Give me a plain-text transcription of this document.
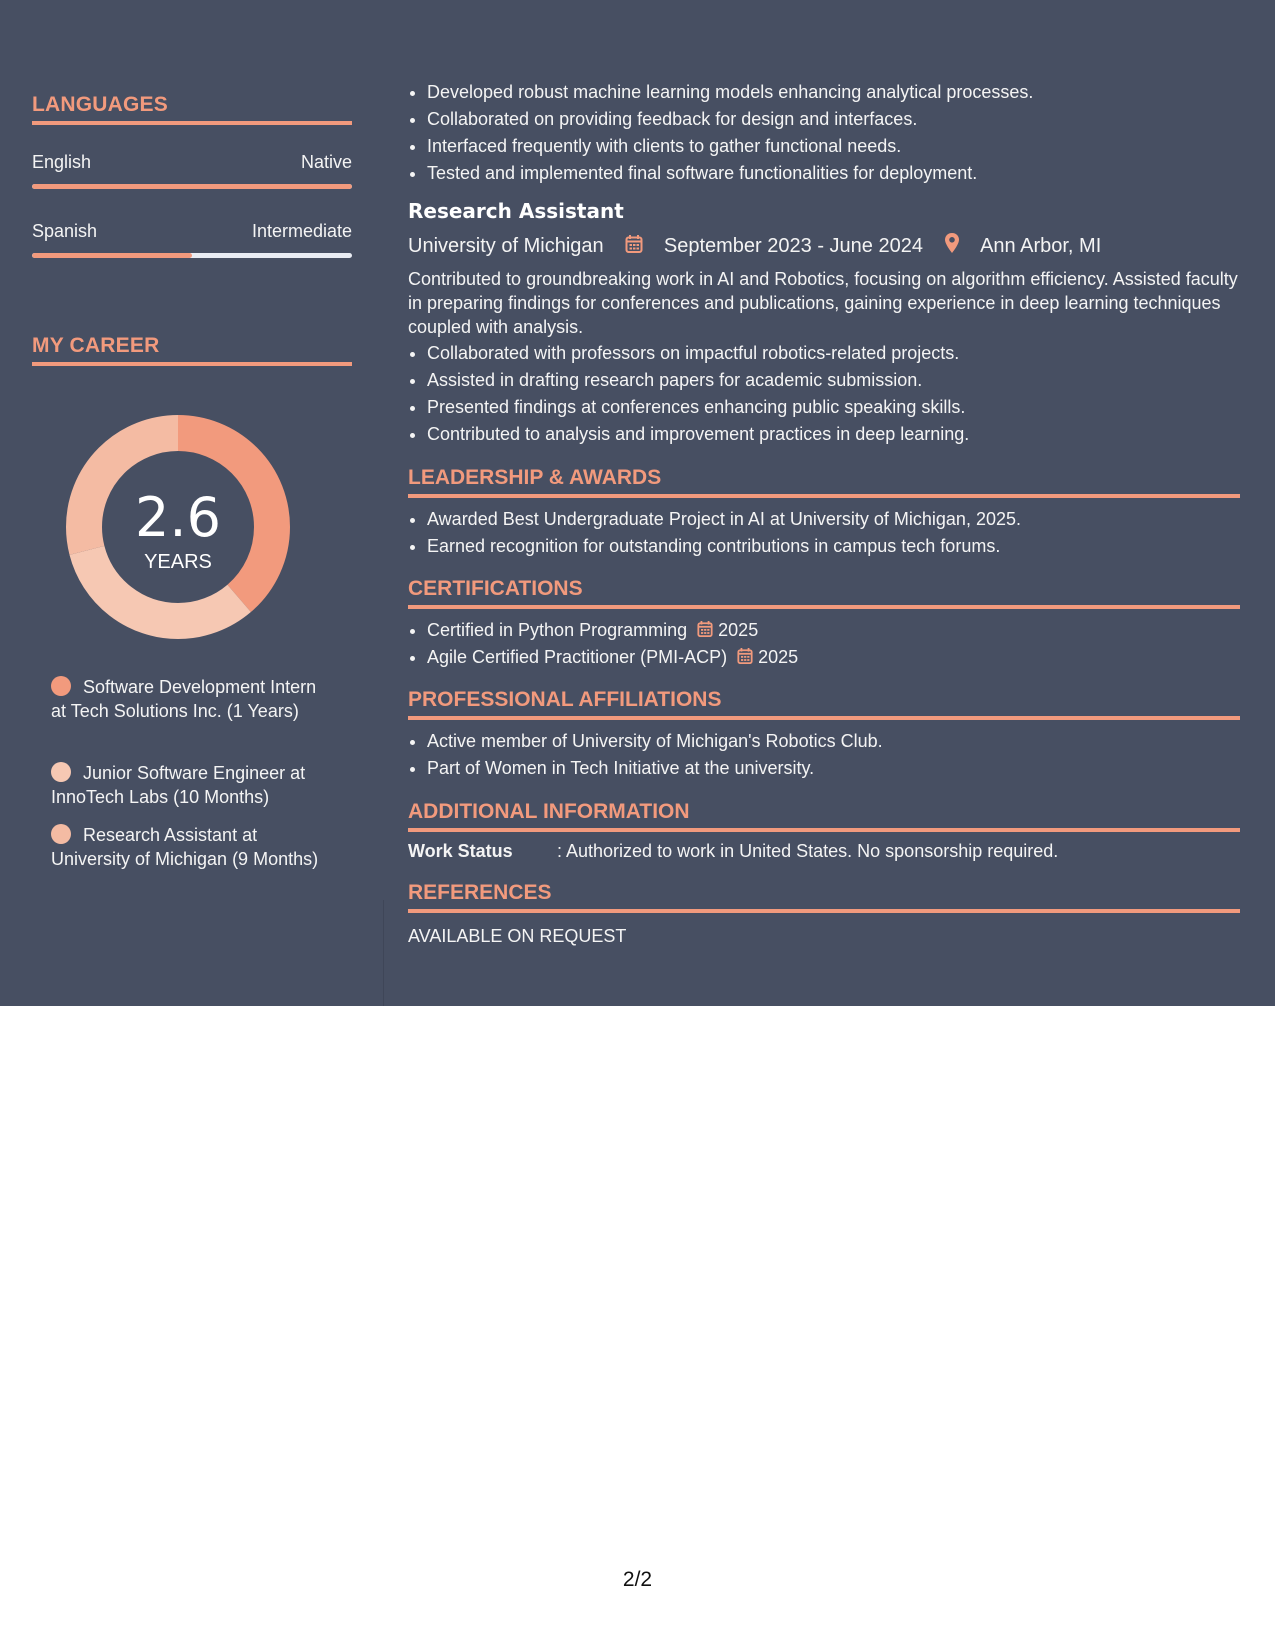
LANGUAGES
English	Native
Spanish	Intermediate
MY CAREER
2.6
YEARS
Software Development Intern at Tech Solutions Inc. (1 Years)
Junior Software Engineer at InnoTech Labs (10 Months)
Research Assistant at University of Michigan (9 Months)
• Developed robust machine learning models enhancing analytical processes.
• Collaborated on providing feedback for design and interfaces.
• Interfaced frequently with clients to gather functional needs.
• Tested and implemented final software functionalities for deployment.
Research Assistant
University of Michigan	September 2023 - June 2024	Ann Arbor, MI
Contributed to groundbreaking work in AI and Robotics, focusing on algorithm efficiency. Assisted faculty in preparing findings for conferences and publications, gaining experience in deep learning techniques coupled with analysis.
• Collaborated with professors on impactful robotics-related projects.
• Assisted in drafting research papers for academic submission.
• Presented findings at conferences enhancing public speaking skills.
• Contributed to analysis and improvement practices in deep learning.
LEADERSHIP & AWARDS
• Awarded Best Undergraduate Project in AI at University of Michigan, 2025.
• Earned recognition for outstanding contributions in campus tech forums.
CERTIFICATIONS
• Certified in Python Programming 2025
• Agile Certified Practitioner (PMI-ACP) 2025
PROFESSIONAL AFFILIATIONS
• Active member of University of Michigan's Robotics Club.
• Part of Women in Tech Initiative at the university.
ADDITIONAL INFORMATION
Work Status : Authorized to work in United States. No sponsorship required.
REFERENCES
AVAILABLE ON REQUEST
2/2
